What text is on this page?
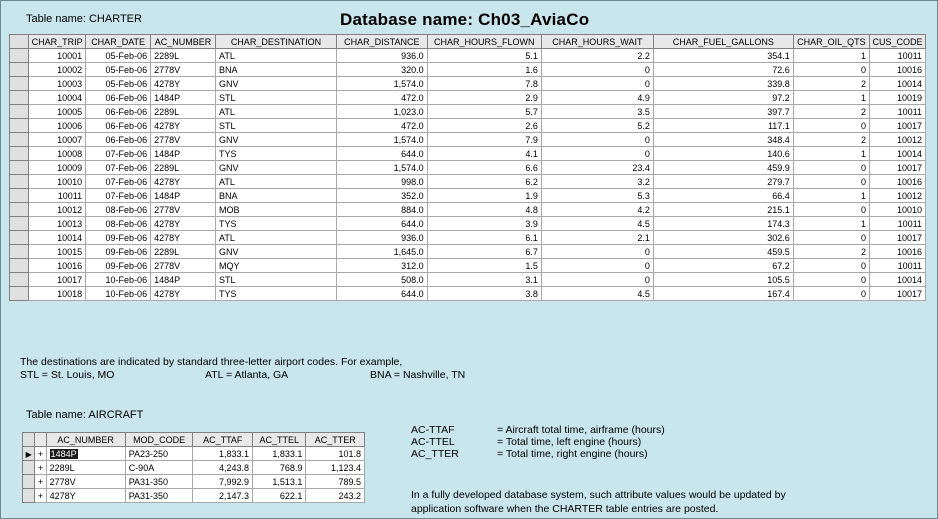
Table name: CHARTER	Database name: Ch03_AviaCo
	CHAR_TRIP	CHAR_DATE	AC_NUMBER	CHAR_DESTINATION	CHAR_DISTANCE	CHAR_HOURS_FLOWN	CHAR_HOURS_WAIT	CHAR_FUEL_GALLONS	CHAR_OIL_QTS	CUS_CODE
	10001	05-Feb-06	2289L	ATL	936.0	5.1	2.2	354.1	1	10011
	10002	05-Feb-06	2778V	BNA	320.0	1.6	0	72.6	0	10016
	10003	05-Feb-06	4278Y	GNV	1,574.0	7.8	0	339.8	2	10014
	10004	06-Feb-06	1484P	STL	472.0	2.9	4.9	97.2	1	10019
	10005	06-Feb-06	2289L	ATL	1,023.0	5.7	3.5	397.7	2	10011
	10006	06-Feb-06	4278Y	STL	472.0	2.6	5.2	117.1	0	10017
	10007	06-Feb-06	2778V	GNV	1,574.0	7.9	0	348.4	2	10012
	10008	07-Feb-06	1484P	TYS	644.0	4.1	0	140.6	1	10014
	10009	07-Feb-06	2289L	GNV	1,574.0	6.6	23.4	459.9	0	10017
	10010	07-Feb-06	4278Y	ATL	998.0	6.2	3.2	279.7	0	10016
	10011	07-Feb-06	1484P	BNA	352.0	1.9	5.3	66.4	1	10012
	10012	08-Feb-06	2778V	MOB	884.0	4.8	4.2	215.1	0	10010
	10013	08-Feb-06	4278Y	TYS	644.0	3.9	4.5	174.3	1	10011
	10014	09-Feb-06	4278Y	ATL	936.0	6.1	2.1	302.6	0	10017
	10015	09-Feb-06	2289L	GNV	1,645.0	6.7	0	459.5	2	10016
	10016	09-Feb-06	2778V	MQY	312.0	1.5	0	67.2	0	10011
	10017	10-Feb-06	1484P	STL	508.0	3.1	0	105.5	0	10014
	10018	10-Feb-06	4278Y	TYS	644.0	3.8	4.5	167.4	0	10017
The destinations are indicated by standard three-letter airport codes. For example,
STL = St. Louis, MO	ATL = Atlanta, GA	BNA = Nashville, TN
Table name: AIRCRAFT
		AC_NUMBER	MOD_CODE	AC_TTAF	AC_TTEL	AC_TTER
▶	+	1484P	PA23-250	1,833.1	1,833.1	101.8
	+	2289L	C-90A	4,243.8	768.9	1,123.4
	+	2778V	PA31-350	7,992.9	1,513.1	789.5
	+	4278Y	PA31-350	2,147.3	622.1	243.2
AC-TTAF	= Aircraft total time, airframe (hours)
AC-TTEL	= Total time, left engine (hours)
AC_TTER	= Total time, right engine (hours)
In a fully developed database system, such attribute values would be updated by
application software when the CHARTER table entries are posted.
